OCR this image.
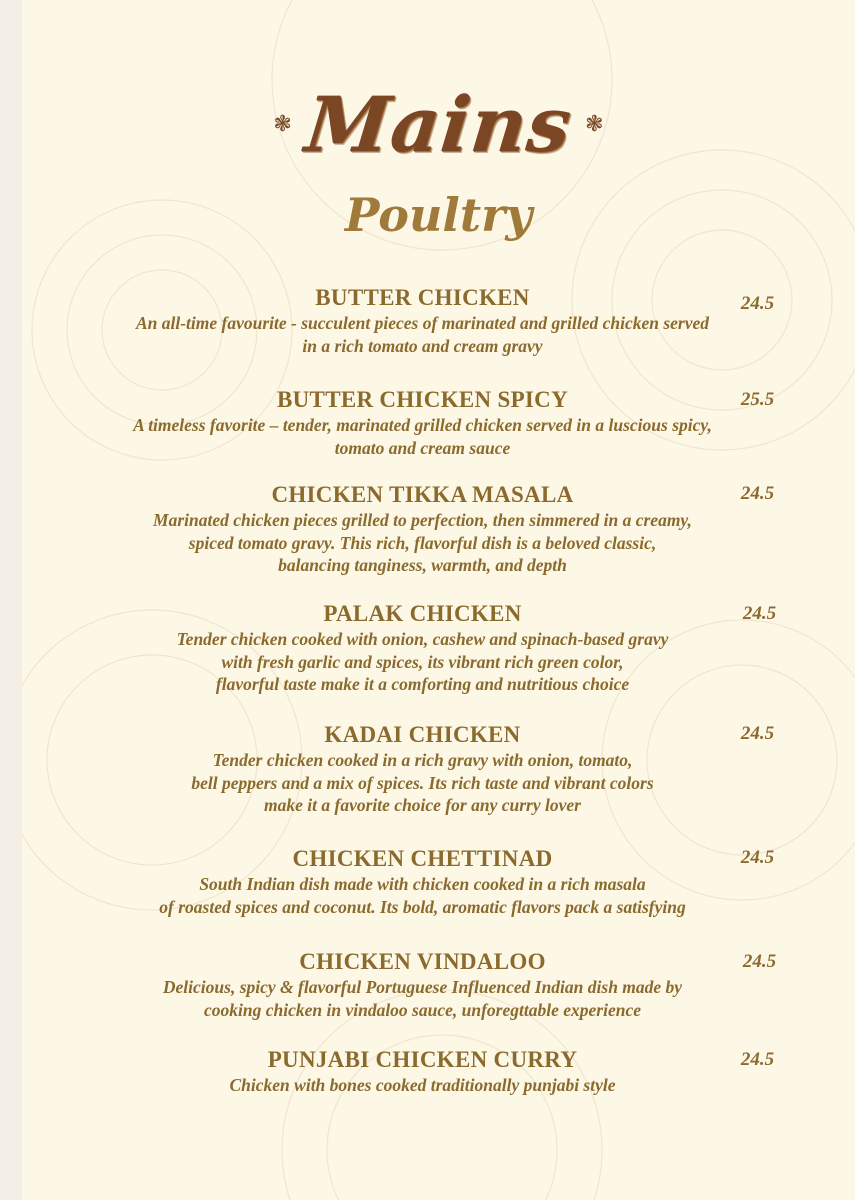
❃ Mains ❃
Poultry
BUTTER CHICKEN
An all-time favourite - succulent pieces of marinated and grilled chicken served
in a rich tomato and cream gravy
24.5
BUTTER CHICKEN SPICY
A timeless favorite – tender, marinated grilled chicken served in a luscious spicy,
tomato and cream sauce
25.5
CHICKEN TIKKA MASALA
Marinated chicken pieces grilled to perfection, then simmered in a creamy,
spiced tomato gravy. This rich, flavorful dish is a beloved classic,
balancing tanginess, warmth, and depth
24.5
PALAK CHICKEN
Tender chicken cooked with onion, cashew and spinach-based gravy
with fresh garlic and spices, its vibrant rich green color,
flavorful taste make it a comforting and nutritious choice
24.5
KADAI CHICKEN
Tender chicken cooked in a rich gravy with onion, tomato,
bell peppers and a mix of spices. Its rich taste and vibrant colors
make it a favorite choice for any curry lover
24.5
CHICKEN CHETTINAD
South Indian dish made with chicken cooked in a rich masala
of roasted spices and coconut. Its bold, aromatic flavors pack a satisfying
24.5
CHICKEN VINDALOO
Delicious, spicy & flavorful Portuguese Influenced Indian dish made by
cooking chicken in vindaloo sauce, unforegttable experience
24.5
PUNJABI CHICKEN CURRY
Chicken with bones cooked traditionally punjabi style
24.5
